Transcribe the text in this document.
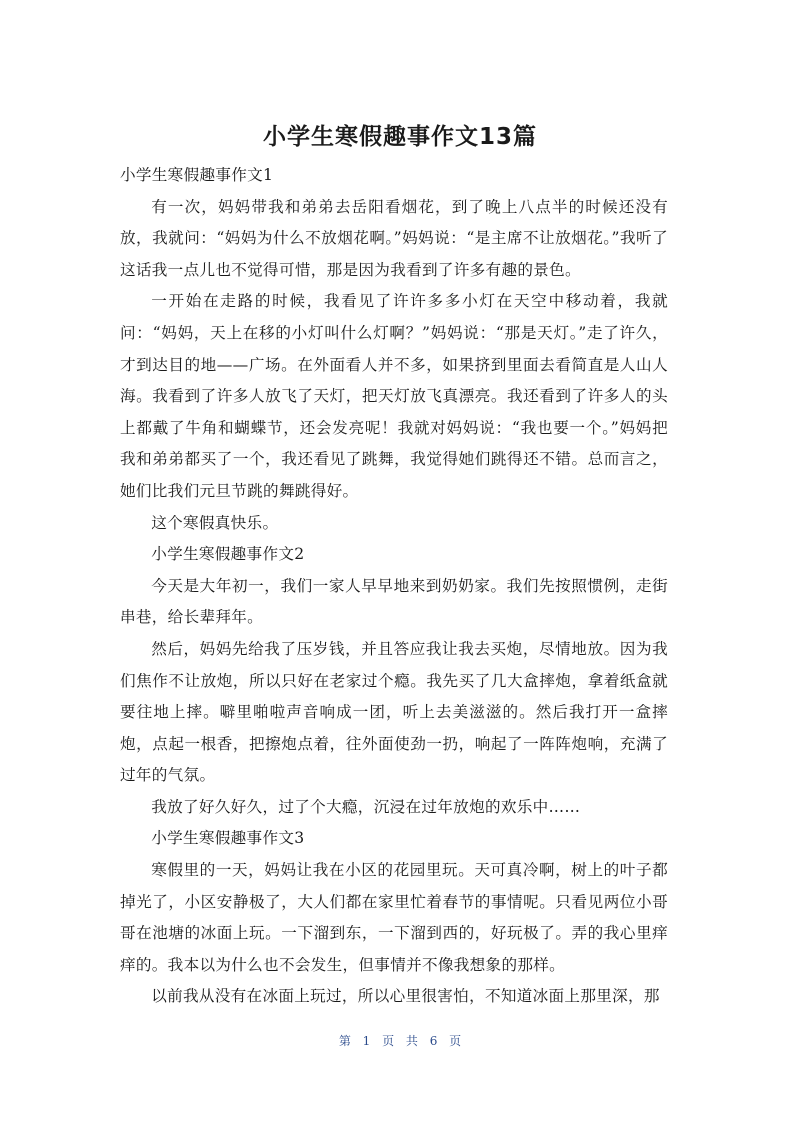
小学生寒假趣事作文13篇

小学生寒假趣事作文1

有一次，妈妈带我和弟弟去岳阳看烟花，到了晚上八点半的时候还没有放，我就问：“妈妈为什么不放烟花啊。”妈妈说：“是主席不让放烟花。”我听了这话我一点儿也不觉得可惜，那是因为我看到了许多有趣的景色。

一开始在走路的时候，我看见了许许多多小灯在天空中移动着，我就问：“妈妈，天上在移的小灯叫什么灯啊？”妈妈说：“那是天灯。”走了许久，才到达目的地——广场。在外面看人并不多，如果挤到里面去看简直是人山人海。我看到了许多人放飞了天灯，把天灯放飞真漂亮。我还看到了许多人的头上都戴了牛角和蝴蝶节，还会发亮呢！我就对妈妈说：“我也要一个。”妈妈把我和弟弟都买了一个，我还看见了跳舞，我觉得她们跳得还不错。总而言之，她们比我们元旦节跳的舞跳得好。

这个寒假真快乐。

小学生寒假趣事作文2

今天是大年初一，我们一家人早早地来到奶奶家。我们先按照惯例，走街串巷，给长辈拜年。

然后，妈妈先给我了压岁钱，并且答应我让我去买炮，尽情地放。因为我们焦作不让放炮，所以只好在老家过个瘾。我先买了几大盒摔炮，拿着纸盒就要往地上摔。噼里啪啦声音响成一团，听上去美滋滋的。然后我打开一盒摔炮，点起一根香，把擦炮点着，往外面使劲一扔，响起了一阵阵炮响，充满了过年的气氛。

我放了好久好久，过了个大瘾，沉浸在过年放炮的欢乐中……

小学生寒假趣事作文3

寒假里的一天，妈妈让我在小区的花园里玩。天可真冷啊，树上的叶子都掉光了，小区安静极了，大人们都在家里忙着春节的事情呢。只看见两位小哥哥在池塘的冰面上玩。一下溜到东，一下溜到西的，好玩极了。弄的我心里痒痒的。我本以为什么也不会发生，但事情并不像我想象的那样。

以前我从没有在冰面上玩过，所以心里很害怕，不知道冰面上那里深，那

第 1 页 共 6 页
